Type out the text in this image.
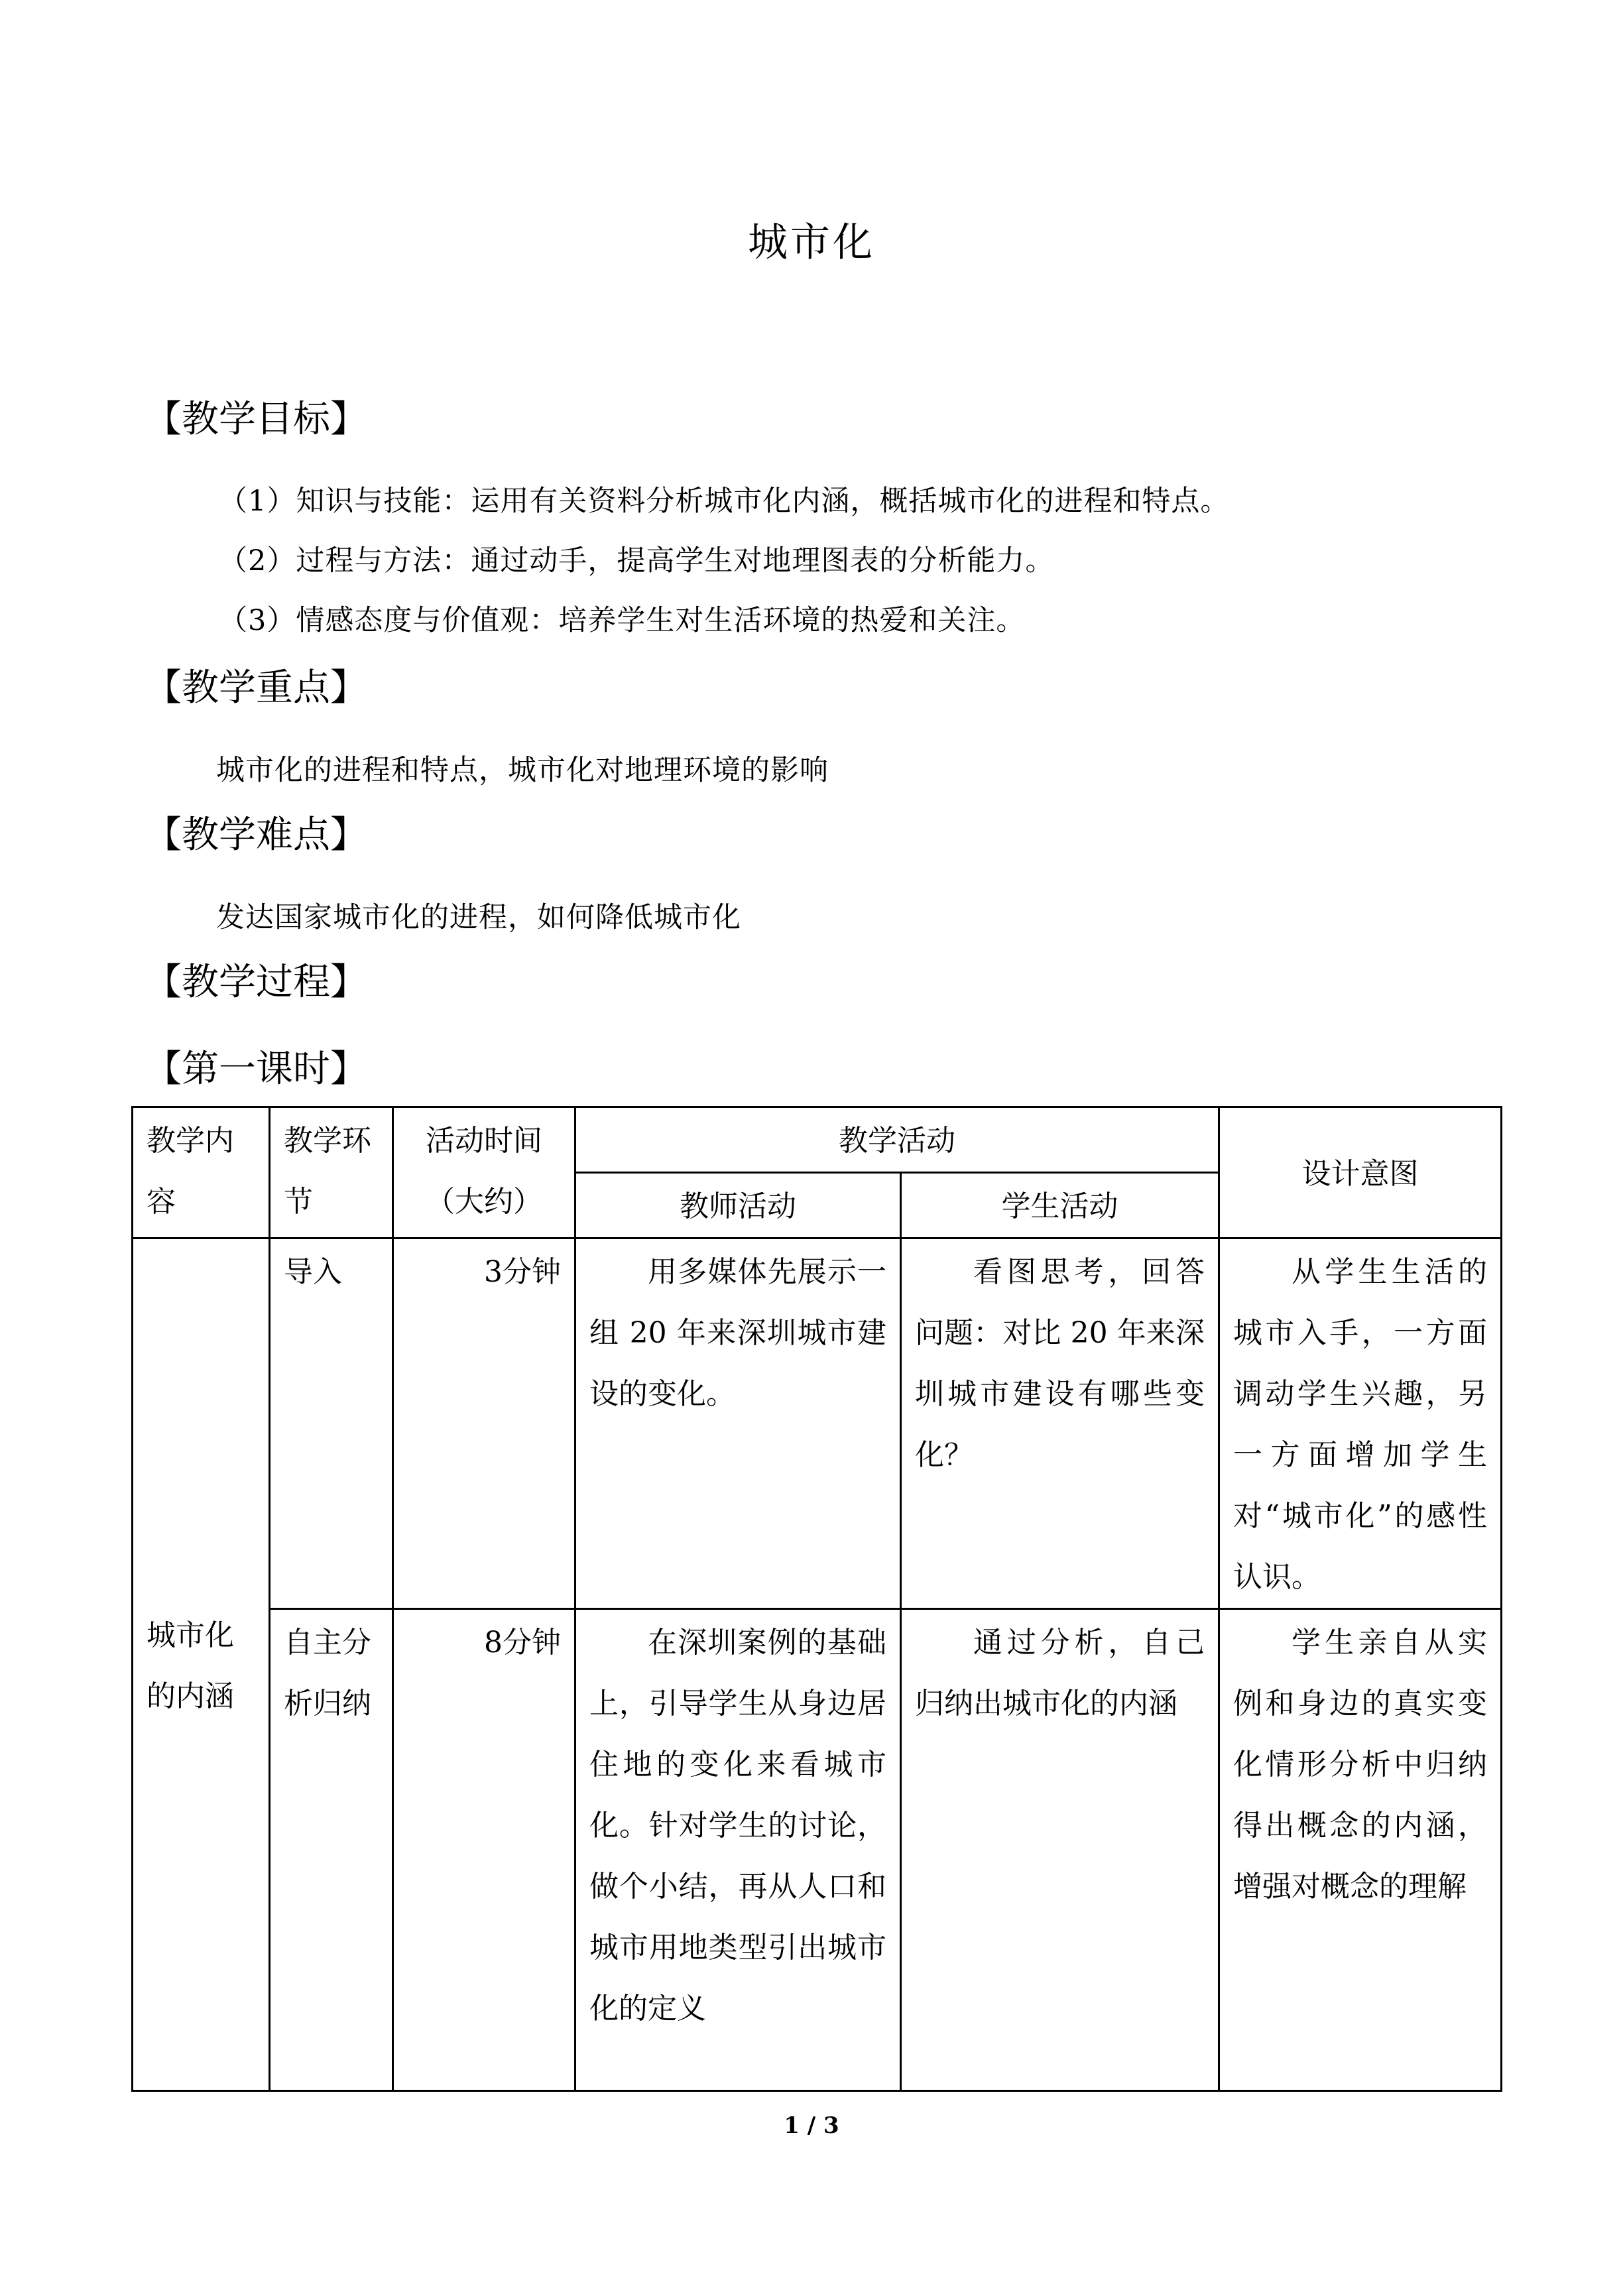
城市化
【教学目标】
（1）知识与技能：运用有关资料分析城市化内涵，概括城市化的进程和特点。
（2）过程与方法：通过动手，提高学生对地理图表的分析能力。
（3）情感态度与价值观：培养学生对生活环境的热爱和关注。
【教学重点】
城市化的进程和特点，城市化对地理环境的影响
【教学难点】
发达国家城市化的进程，如何降低城市化
【教学过程】
【第一课时】
教学内容	教学环节	活动时间（大约）	教学活动		设计意图
			教师活动	学生活动	
城市化的内涵	导入	3分钟	用多媒体先展示一组 20 年来深圳城市建设的变化。	看图思考，回答问题：对比 20 年来深圳城市建设有哪些变化？	从学生生活的城市入手，一方面调动学生兴趣，另一方面增加学生对“城市化”的感性认识。
	自主分析归纳	8分钟	在深圳案例的基础上，引导学生从身边居住地的变化来看城市化。针对学生的讨论，做个小结，再从人口和城市用地类型引出城市化的定义	通过分析，自己归纳出城市化的内涵	学生亲自从实例和身边的真实变化情形分析中归纳得出概念的内涵，增强对概念的理解
1 / 3
